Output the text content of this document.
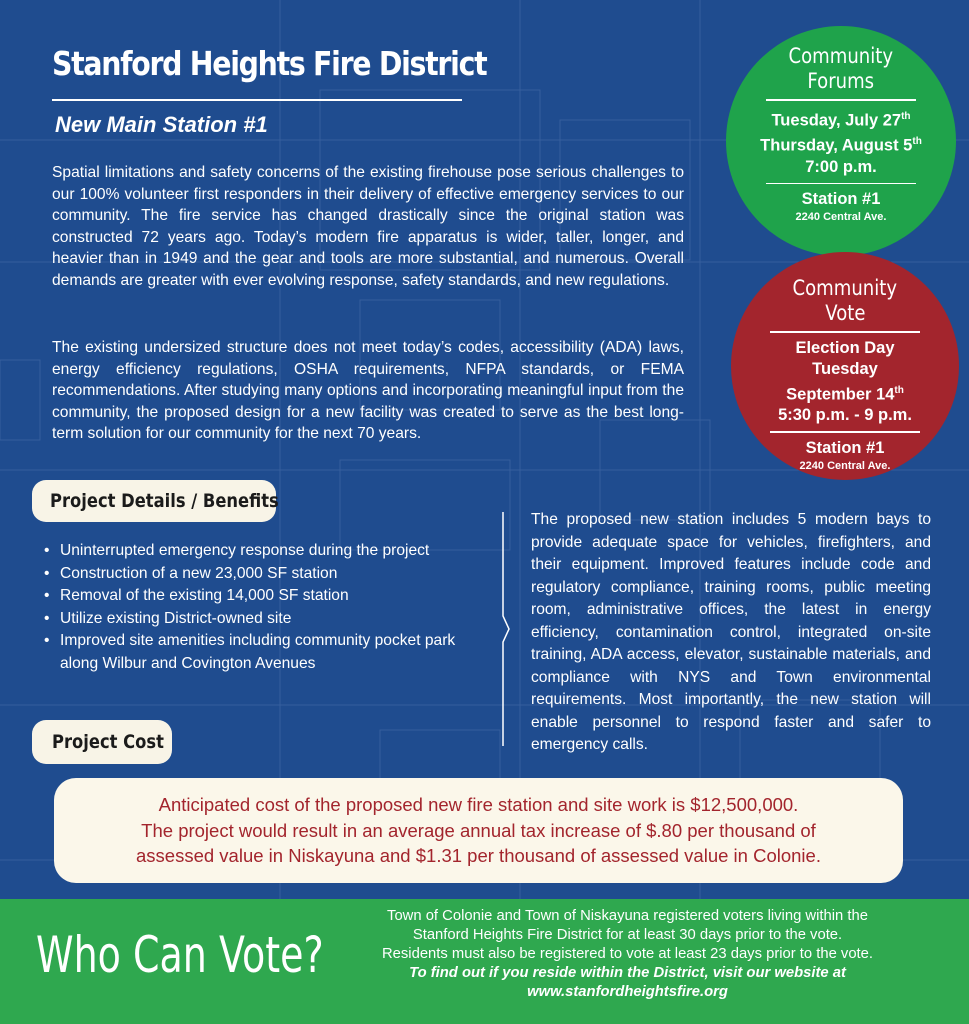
Stanford Heights Fire District
New Main Station #1

Spatial limitations and safety concerns of the existing firehouse pose serious challenges to our 100% volunteer first responders in their delivery of effective emergency services to our community. The fire service has changed drastically since the original station was constructed 72 years ago. Today’s modern fire apparatus is wider, taller, longer, and heavier than in 1949 and the gear and tools are more substantial, and numerous. Overall demands are greater with ever evolving response, safety standards, and new regulations.

The existing undersized structure does not meet today’s codes, accessibility (ADA) laws, energy efficiency regulations, OSHA requirements, NFPA standards, or FEMA recommendations. After studying many options and incorporating meaningful input from the community, the proposed design for a new facility was created to serve as the best long-term solution for our community for the next 70 years.

Community
Forums
Tuesday, July 27th
Thursday, August 5th
7:00 p.m.
Station #1
2240 Central Ave.
Community
Vote
Election Day
Tuesday
September 14th
5:30 p.m. - 9 p.m.
Station #1
2240 Central Ave.
Project Details / Benefits
• Uninterrupted emergency response during the project
• Construction of a new 23,000 SF station
• Removal of the existing 14,000 SF station
• Utilize existing District-owned site
• Improved site amenities including community pocket park along Wilbur and Covington Avenues

The proposed new station includes 5 modern bays to provide adequate space for vehicles, firefighters, and their equipment. Improved features include code and regulatory compliance, training rooms, public meeting room, administrative offices, the latest in energy efficiency, contamination control, integrated on-site training, ADA access, elevator, sustainable materials, and compliance with NYS and Town environmental requirements. Most importantly, the new station will enable personnel to respond faster and safer to emergency calls.

Project Cost
Anticipated cost of the proposed new fire station and site work is $12,500,000.
The project would result in an average annual tax increase of $.80 per thousand of
assessed value in Niskayuna and $1.31 per thousand of assessed value in Colonie.
Who Can Vote?
Town of Colonie and Town of Niskayuna registered voters living within the
Stanford Heights Fire District for at least 30 days prior to the vote.
Residents must also be registered to vote at least 23 days prior to the vote.
To find out if you reside within the District, visit our website at
www.stanfordheightsfire.org
